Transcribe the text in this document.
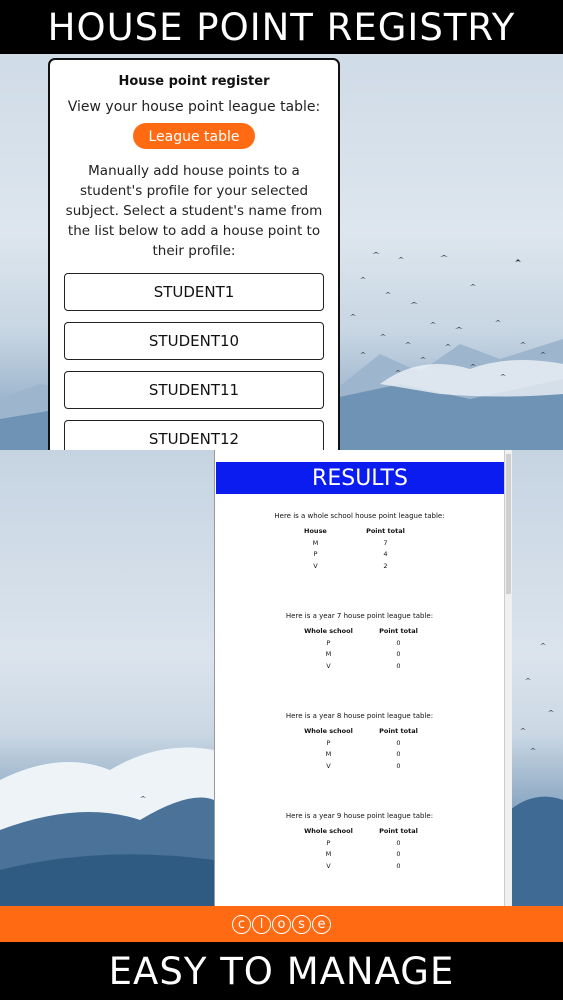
HOUSE POINT REGISTRY
House point register
View your house point league table:
League table
Manually add house points to a student's profile for your selected subject. Select a student's name from the list below to add a house point to their profile:
STUDENT1
STUDENT10
STUDENT11
STUDENT12
RESULTS
Here is a whole school house point league table:
House	Point total
M	7
P	4
V	2
Here is a year 7 house point league table:
Whole school	Point total
P	0
M	0
V	0
Here is a year 8 house point league table:
Whole school	Point total
P	0
M	0
V	0
Here is a year 9 house point league table:
Whole school	Point total
P	0
M	0
V	0
c	l	o s e
EASY TO MANAGE
